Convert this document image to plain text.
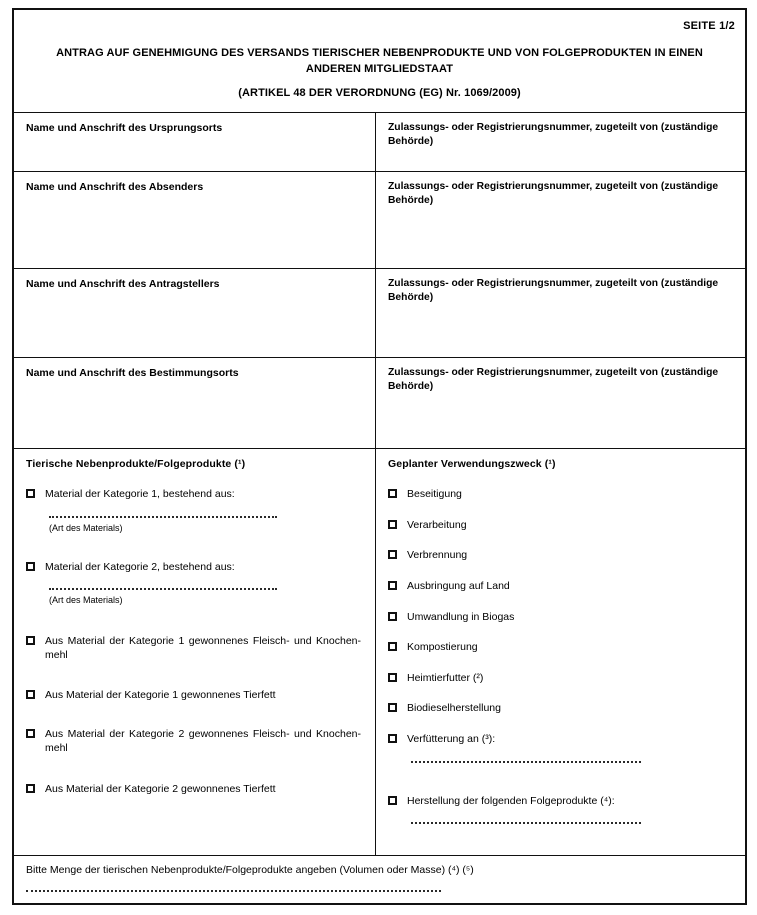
SEITE 1/2
ANTRAG AUF GENEHMIGUNG DES VERSANDS TIERISCHER NEBENPRODUKTE UND VON FOLGEPRODUKTEN IN EINEN ANDEREN MITGLIEDSTAAT
(ARTIKEL 48 DER VERORDNUNG (EG) Nr. 1069/2009)
Name und Anschrift des Ursprungsorts	Zulassungs- oder Registrierungsnummer, zugeteilt von (zuständige Behörde)
Name und Anschrift des Absenders	Zulassungs- oder Registrierungsnummer, zugeteilt von (zuständige Behörde)
Name und Anschrift des Antragstellers	Zulassungs- oder Registrierungsnummer, zugeteilt von (zuständige Behörde)
Name und Anschrift des Bestimmungsorts	Zulassungs- oder Registrierungsnummer, zugeteilt von (zuständige Behörde)
Tierische Nebenprodukte/Folgeprodukte (¹)
Material der Kategorie 1, bestehend aus:
(Art des Materials)
Material der Kategorie 2, bestehend aus:
(Art des Materials)
Aus Material der Kategorie 1 gewonnenes Fleisch- und Knochenmehl
Aus Material der Kategorie 1 gewonnenes Tierfett
Aus Material der Kategorie 2 gewonnenes Fleisch- und Knochenmehl
Aus Material der Kategorie 2 gewonnenes Tierfett
Geplanter Verwendungszweck (¹)
Beseitigung
Verarbeitung
Verbrennung
Ausbringung auf Land
Umwandlung in Biogas
Kompostierung
Heimtierfutter (²)
Biodieselherstellung
Verfütterung an (³):
Herstellung der folgenden Folgeprodukte (⁴):
Bitte Menge der tierischen Nebenprodukte/Folgeprodukte angeben (Volumen oder Masse) (⁴) (⁵)
